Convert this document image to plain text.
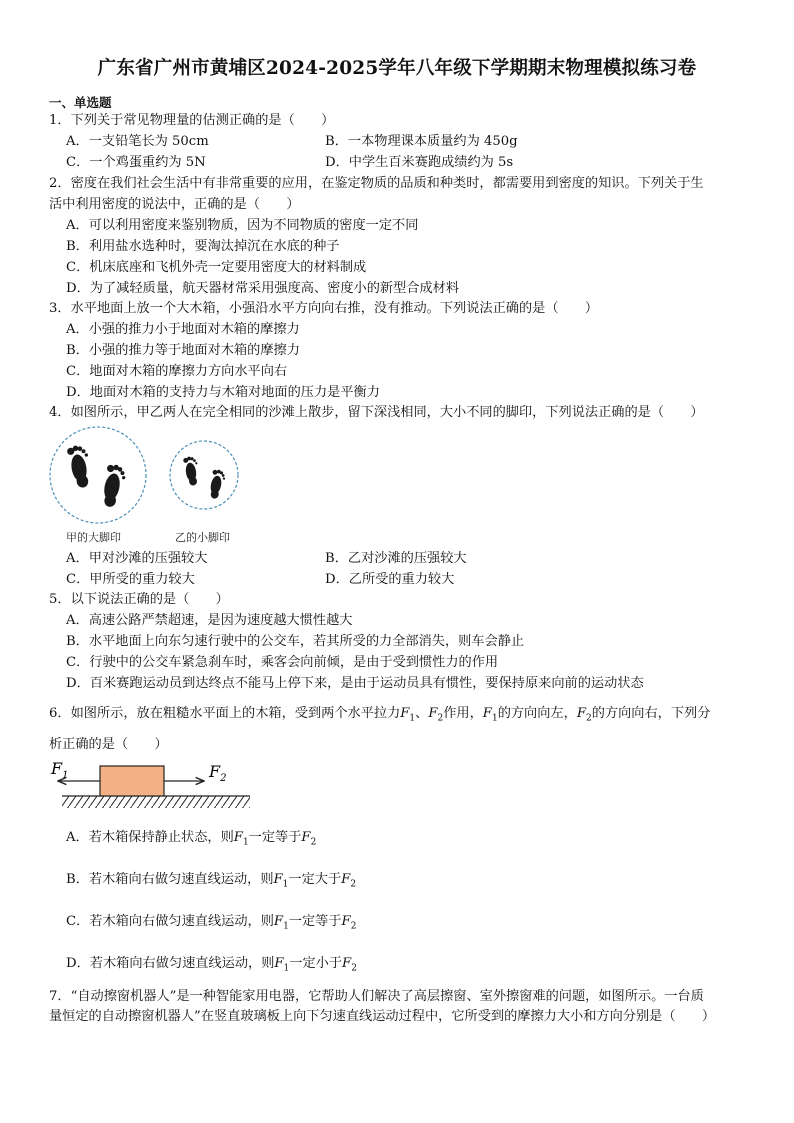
广东省广州市黄埔区2024-2025学年八年级下学期期末物理模拟练习卷
一、单选题
1．下列关于常见物理量的估测正确的是（　　）
A．一支铅笔长为 50cm	B．一本物理课本质量约为 450g
C．一个鸡蛋重约为 5N	D．中学生百米赛跑成绩约为 5s
2．密度在我们社会生活中有非常重要的应用，在鉴定物质的品质和种类时，都需要用到密度的知识。下列关于生
活中利用密度的说法中，正确的是（　　）
A．可以利用密度来鉴别物质，因为不同物质的密度一定不同
B．利用盐水选种时，要淘汰掉沉在水底的种子
C．机床底座和飞机外壳一定要用密度大的材料制成
D．为了减轻质量，航天器材常采用强度高、密度小的新型合成材料
3．水平地面上放一个大木箱，小强沿水平方向向右推，没有推动。下列说法正确的是（　　）
A．小强的推力小于地面对木箱的摩擦力
B．小强的推力等于地面对木箱的摩擦力
C．地面对木箱的摩擦力方向水平向右
D．地面对木箱的支持力与木箱对地面的压力是平衡力
4．如图所示，甲乙两人在完全相同的沙滩上散步，留下深浅相同，大小不同的脚印，下列说法正确的是（　　）
甲的大脚印	乙的小脚印
A．甲对沙滩的压强较大	B．乙对沙滩的压强较大
C．甲所受的重力较大	D．乙所受的重力较大
5．以下说法正确的是（　　）
A．高速公路严禁超速，是因为速度越大惯性越大
B．水平地面上向东匀速行驶中的公交车，若其所受的力全部消失，则车会静止
C．行驶中的公交车紧急刹车时，乘客会向前倾，是由于受到惯性力的作用
D．百米赛跑运动员到达终点不能马上停下来，是由于运动员具有惯性，要保持原来向前的运动状态
6．如图所示，放在粗糙水平面上的木箱，受到两个水平拉力$F_1$、$F_2$作用，$F_1$的方向向左，$F_2$的方向向右，下列分
析正确的是（　　）
$F_1$	$F_2$
A．若木箱保持静止状态，则$F_1$一定等于$F_2$
B．若木箱向右做匀速直线运动，则$F_1$一定大于$F_2$
C．若木箱向右做匀速直线运动，则$F_1$一定等于$F_2$
D．若木箱向右做匀速直线运动，则$F_1$一定小于$F_2$
7．“自动擦窗机器人”是一种智能家用电器，它帮助人们解决了高层擦窗、室外擦窗难的问题，如图所示。一台质
量恒定的自动擦窗机器人”在竖直玻璃板上向下匀速直线运动过程中，它所受到的摩擦力大小和方向分别是（　　）
